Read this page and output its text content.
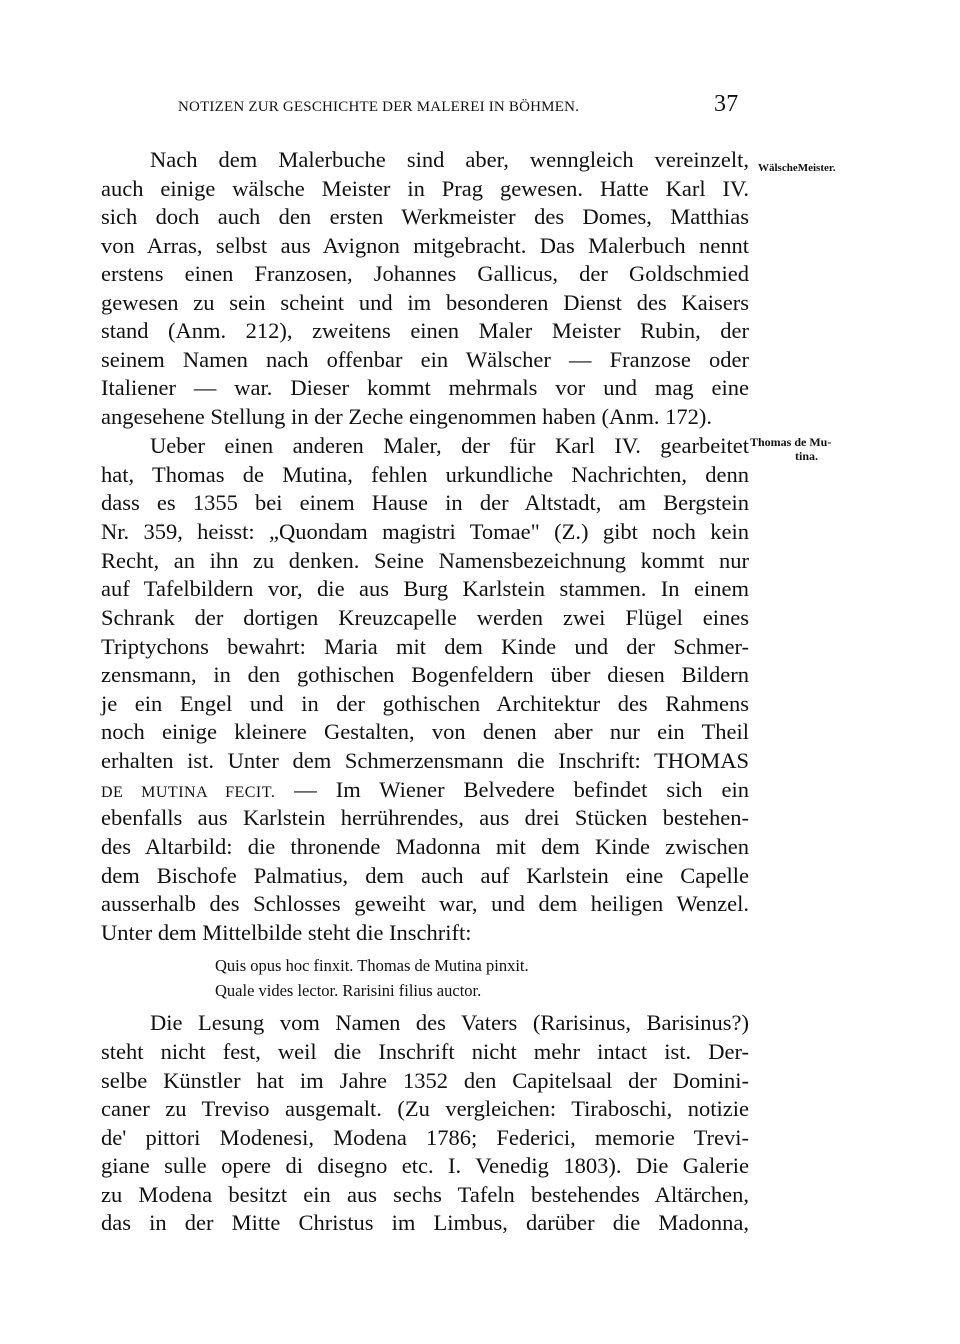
NOTIZEN ZUR GESCHICHTE DER MALEREI IN BÖHMEN.	37
WälscheMeister.
Thomas de Mu-
tina.
Nach dem Malerbuche sind aber, wenngleich vereinzelt,
auch einige wälsche Meister in Prag gewesen. Hatte Karl IV.
sich doch auch den ersten Werkmeister des Domes, Matthias
von Arras, selbst aus Avignon mitgebracht. Das Malerbuch nennt
erstens einen Franzosen, Johannes Gallicus, der Goldschmied
gewesen zu sein scheint und im besonderen Dienst des Kaisers
stand (Anm. 212), zweitens einen Maler Meister Rubin, der
seinem Namen nach offenbar ein Wälscher — Franzose oder
Italiener — war. Dieser kommt mehrmals vor und mag eine
angesehene Stellung in der Zeche eingenommen haben (Anm. 172).
Ueber einen anderen Maler, der für Karl IV. gearbeitet
hat, Thomas de Mutina, fehlen urkundliche Nachrichten, denn
dass es 1355 bei einem Hause in der Altstadt, am Bergstein
Nr. 359, heisst: „Quondam magistri Tomae" (Z.) gibt noch kein
Recht, an ihn zu denken. Seine Namensbezeichnung kommt nur
auf Tafelbildern vor, die aus Burg Karlstein stammen. In einem
Schrank der dortigen Kreuzcapelle werden zwei Flügel eines
Triptychons bewahrt: Maria mit dem Kinde und der Schmer-
zensmann, in den gothischen Bogenfeldern über diesen Bildern
je ein Engel und in der gothischen Architektur des Rahmens
noch einige kleinere Gestalten, von denen aber nur ein Theil
erhalten ist. Unter dem Schmerzensmann die Inschrift: THOMAS
DE MUTINA FECIT. — Im Wiener Belvedere befindet sich ein
ebenfalls aus Karlstein herrührendes, aus drei Stücken bestehen-
des Altarbild: die thronende Madonna mit dem Kinde zwischen
dem Bischofe Palmatius, dem auch auf Karlstein eine Capelle
ausserhalb des Schlosses geweiht war, und dem heiligen Wenzel.
Unter dem Mittelbilde steht die Inschrift:
Quis opus hoc finxit. Thomas de Mutina pinxit.
Quale vides lector. Rarisini filius auctor.
Die Lesung vom Namen des Vaters (Rarisinus, Barisinus?)
steht nicht fest, weil die Inschrift nicht mehr intact ist. Der-
selbe Künstler hat im Jahre 1352 den Capitelsaal der Domini-
caner zu Treviso ausgemalt. (Zu vergleichen: Tiraboschi, notizie
de' pittori Modenesi, Modena 1786; Federici, memorie Trevi-
giane sulle opere di disegno etc. I. Venedig 1803). Die Galerie
zu Modena besitzt ein aus sechs Tafeln bestehendes Altärchen,
das in der Mitte Christus im Limbus, darüber die Madonna,
